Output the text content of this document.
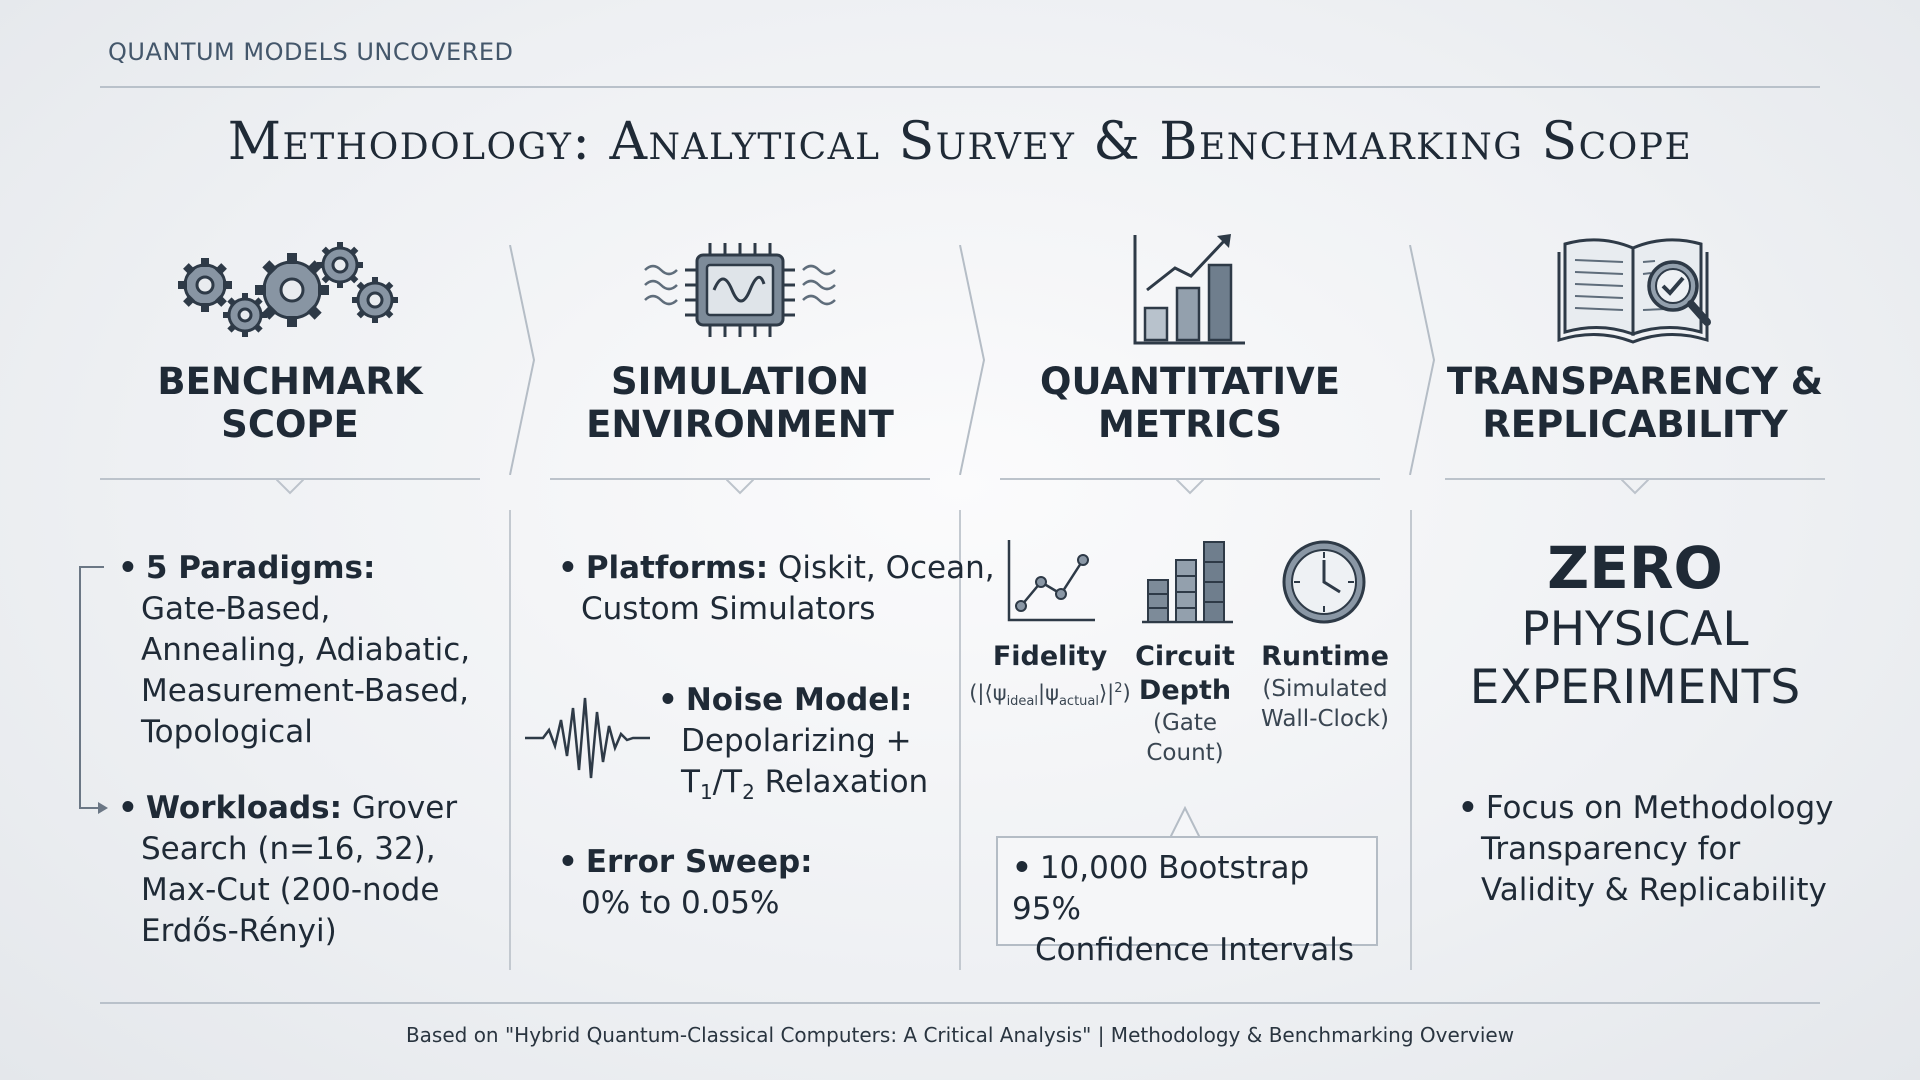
QUANTUM MODELS UNCOVERED
Methodology: Analytical Survey & Benchmarking Scope
BENCHMARK
SCOPE
• 5 Paradigms:
Gate-Based,
Annealing, Adiabatic,
Measurement-Based,
Topological
• Workloads: Grover
Search (n=16, 32),
Max-Cut (200-node
Erdős-Rényi)
SIMULATION
ENVIRONMENT
• Platforms: Qiskit, Ocean,
Custom Simulators
• Noise Model:
Depolarizing +
$T_1/T_2$ Relaxation
• Error Sweep:
0% to 0.05%
QUANTITATIVE
METRICS
Fidelity
$(|⟨\psi_{ideal}|\psi_{actual}⟩|^2)$
Circuit
Depth
(Gate
Count)
Runtime
(Simulated
Wall-Clock)
• 10,000 Bootstrap 95%
Confidence Intervals
TRANSPARENCY &
REPLICABILITY
ZERO
PHYSICAL
EXPERIMENTS
• Focus on Methodology
Transparency for
Validity & Replicability
Based on "Hybrid Quantum-Classical Computers: A Critical Analysis" | Methodology & Benchmarking Overview
